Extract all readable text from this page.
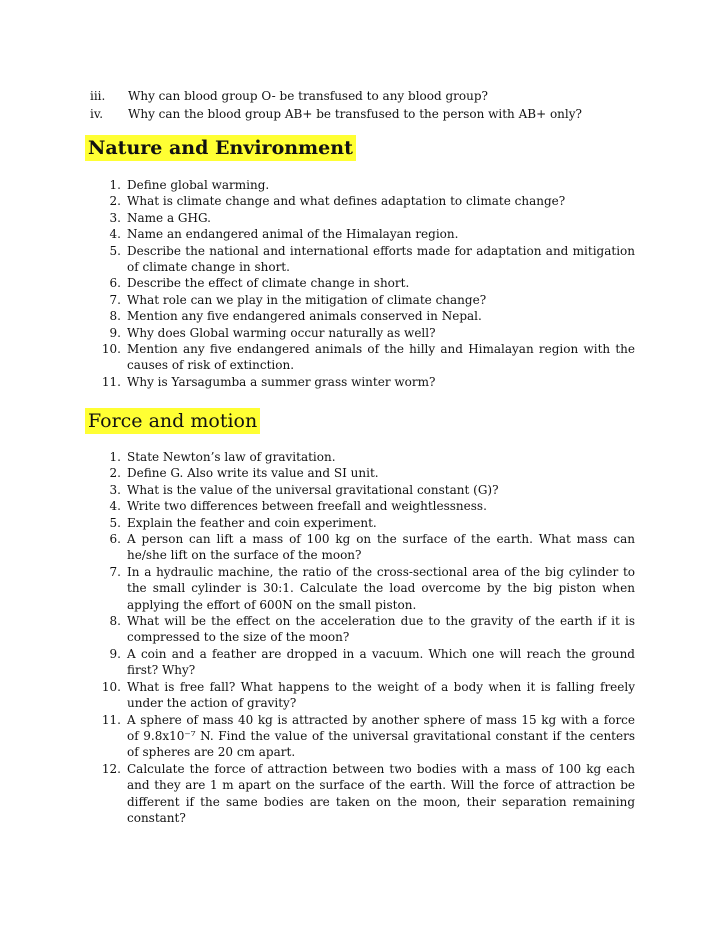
iii.	Why can blood group O- be transfused to any blood group?
iv.	Why can the blood group AB+ be transfused to the person with AB+ only?
Nature and Environment
1. Define global warming.
2. What is climate change and what defines adaptation to climate change?
3. Name a GHG.
4. Name an endangered animal of the Himalayan region.
5. Describe the national and international efforts made for adaptation and mitigation of climate change in short.
6. Describe the effect of climate change in short.
7. What role can we play in the mitigation of climate change?
8. Mention any five endangered animals conserved in Nepal.
9. Why does Global warming occur naturally as well?
10. Mention any five endangered animals of the hilly and Himalayan region with the causes of risk of extinction.
11. Why is Yarsagumba a summer grass winter worm?
Force and motion
1. State Newton’s law of gravitation.
2. Define G. Also write its value and SI unit.
3. What is the value of the universal gravitational constant (G)?
4. Write two differences between freefall and weightlessness.
5. Explain the feather and coin experiment.
6. A person can lift a mass of 100 kg on the surface of the earth. What mass can he/she lift on the surface of the moon?
7. In a hydraulic machine, the ratio of the cross-sectional area of the big cylinder to the small cylinder is 30:1. Calculate the load overcome by the big piston when applying the effort of 600N on the small piston.
8. What will be the effect on the acceleration due to the gravity of the earth if it is compressed to the size of the moon?
9. A coin and a feather are dropped in a vacuum. Which one will reach the ground first? Why?
10. What is free fall? What happens to the weight of a body when it is falling freely under the action of gravity?
11. A sphere of mass 40 kg is attracted by another sphere of mass 15 kg with a force of 9.8x10⁻⁷ N. Find the value of the universal gravitational constant if the centers of spheres are 20 cm apart.
12. Calculate the force of attraction between two bodies with a mass of 100 kg each and they are 1 m apart on the surface of the earth. Will the force of attraction be different if the same bodies are taken on the moon, their separation remaining constant?
